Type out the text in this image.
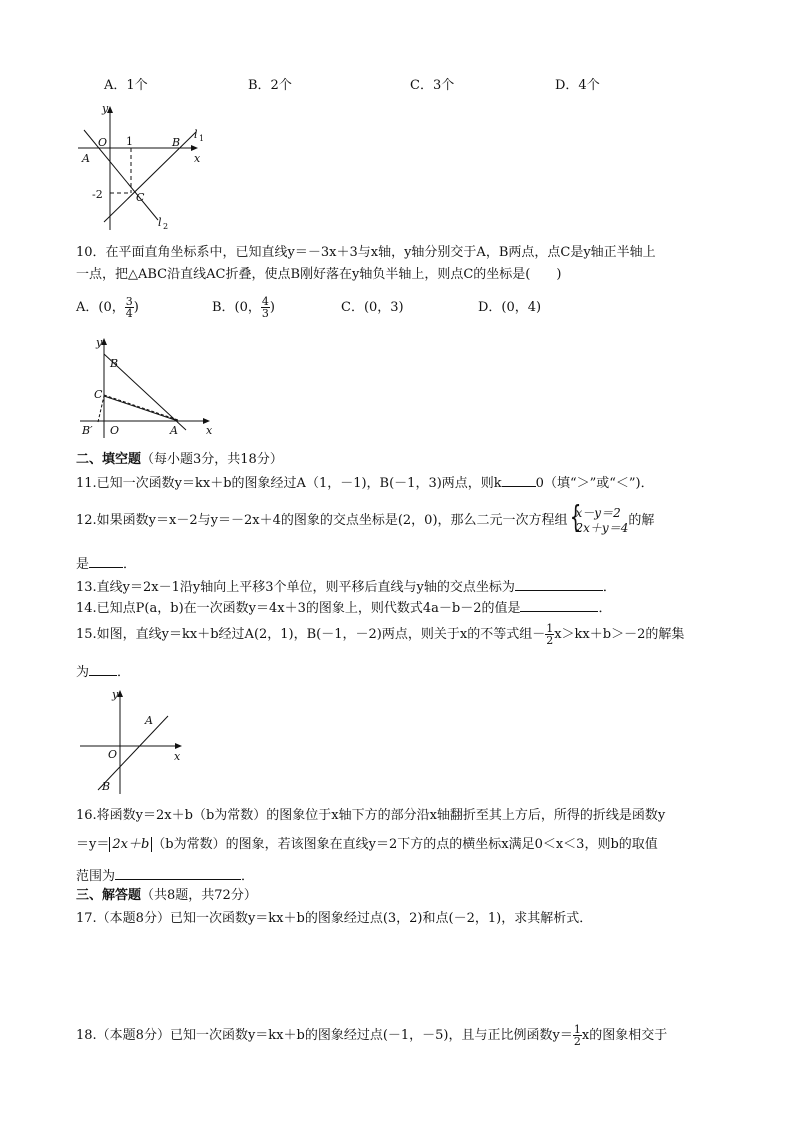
A．1个	B．2个	C．3个	D．4个
y
O 1	B
l 1
x
A
-2	C
l 2
10．在平面直角坐标系中，已知直线y＝－3x＋3与x轴，y轴分别交于A，B两点，点C是y轴正半轴上
一点，把△ABC沿直线AC折叠，使点B刚好落在y轴负半轴上，则点C的坐标是(　　)
A．(0， $\frac{3}{4}$ )	B．(0， $\frac{4}{3}$ )	C．(0，3)	D．(0，4)
y
B
C
B′ O	A	x
二、填空题（每小题3分，共18分）
11.已知一次函数y＝kx＋b的图象经过A（1，－1)，B(－1，3)两点，则k	0（填“＞”或“＜”)．
12.如果函数y＝x－2与y＝－2x＋4的图象的交点坐标是(2，0)，那么二元一次方程组 {
x－y＝2
2x＋y＝4 的解
是	．
13.直线y＝2x－1沿y轴向上平移3个单位，则平移后直线与y轴的交点坐标为	．
14.已知点P(a，b)在一次函数y＝4x＋3的图象上，则代数式4a－b－2的值是	．
15.如图，直线y＝kx＋b经过A(2，1)，B(－1，－2)两点，则关于x的不等式组－ $\frac{1}{2} x>kx+b>-2$的解集
为 ．
y
A
O	x
B
16.将函数y＝2x＋b（b为常数）的图象位于x轴下方的部分沿x轴翻折至其上方后，所得的折线是函数y
＝y＝ 2x＋b （b为常数）的图象，若该图象在直线y＝2下方的点的横坐标x满足0＜x＜3，则b的取值
范围为	．
三、解答题（共8题，共72分）
17.（本题8分）已知一次函数y＝kx＋b的图象经过点(3，2)和点(－2，1)，求其解析式．
18.（本题8分）已知一次函数y＝kx＋b的图象经过点(－1，－5)，且与正比例函数$y= \frac{1}{2}$ x的图象相交于
